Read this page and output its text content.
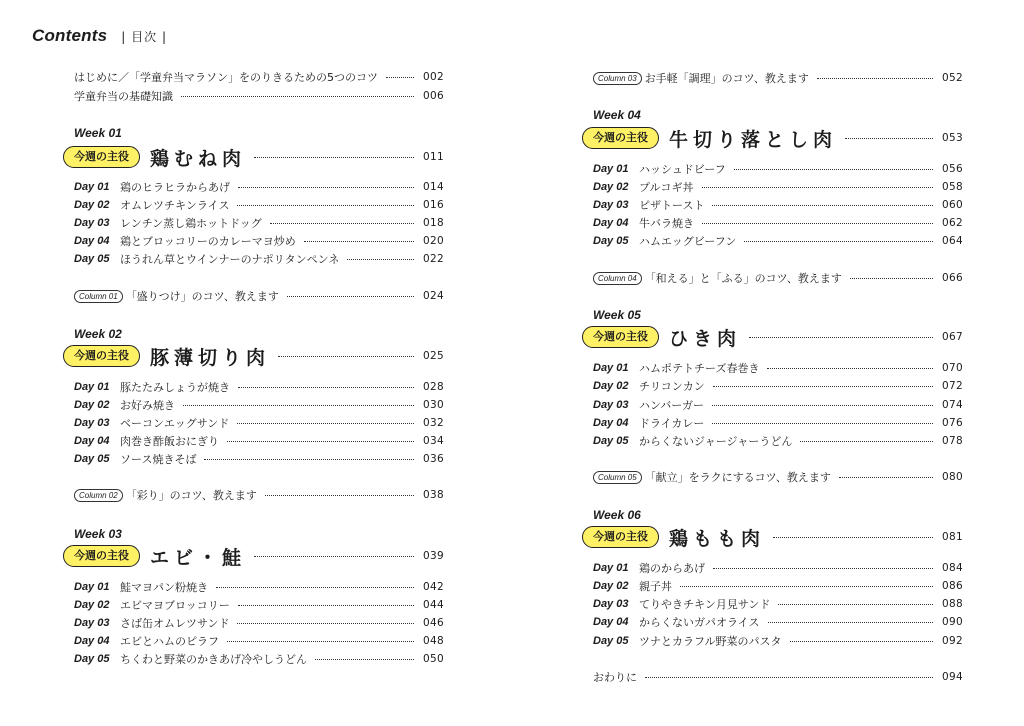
Contents | 目次 |
はじめに／「学童弁当マラソン」をのりきるための5つのコツ	002
学童弁当の基礎知識	006
Week 01
今週の主役	鶏むね肉	011
Day 01 鶏のヒラヒラからあげ	014
Day 02 オムレツチキンライス	016
Day 03 レンチン蒸し鶏ホットドッグ	018
Day 04 鶏とブロッコリーのカレーマヨ炒め	020
Day 05 ほうれん草とウインナーのナポリタンペンネ	022
Column 01 「盛りつけ」のコツ、教えます	024
Week 02
今週の主役	豚薄切り肉	025
Day 01 豚たたみしょうが焼き	028
Day 02 お好み焼き	030
Day 03 ベーコンエッグサンド	032
Day 04 肉巻き酢飯おにぎり	034
Day 05 ソース焼きそば	036
Column 02 「彩り」のコツ、教えます	038
Week 03
今週の主役	エビ・鮭	039
Day 01 鮭マヨパン粉焼き	042
Day 02 エビマヨブロッコリー	044
Day 03 さば缶オムレツサンド	046
Day 04 エビとハムのピラフ	048
Day 05 ちくわと野菜のかきあげ冷やしうどん	050
Column 03 お手軽「調理」のコツ、教えます	052
Week 04
今週の主役	牛切り落とし肉	053
Day 01 ハッシュドビーフ	056
Day 02 プルコギ丼	058
Day 03 ピザトースト	060
Day 04 牛バラ焼き	062
Day 05 ハムエッグビーフン	064
Column 04 「和える」と「ふる」のコツ、教えます	066
Week 05
今週の主役	ひき肉	067
Day 01 ハムポテトチーズ春巻き	070
Day 02 チリコンカン	072
Day 03 ハンバーガー	074
Day 04 ドライカレー	076
Day 05 からくないジャージャーうどん	078
Column 05 「献立」をラクにするコツ、教えます	080
Week 06
今週の主役	鶏もも肉	081
Day 01 鶏のからあげ	084
Day 02 親子丼	086
Day 03 てりやきチキン月見サンド	088
Day 04 からくないガパオライス	090
Day 05 ツナとカラフル野菜のパスタ	092
おわりに	094
